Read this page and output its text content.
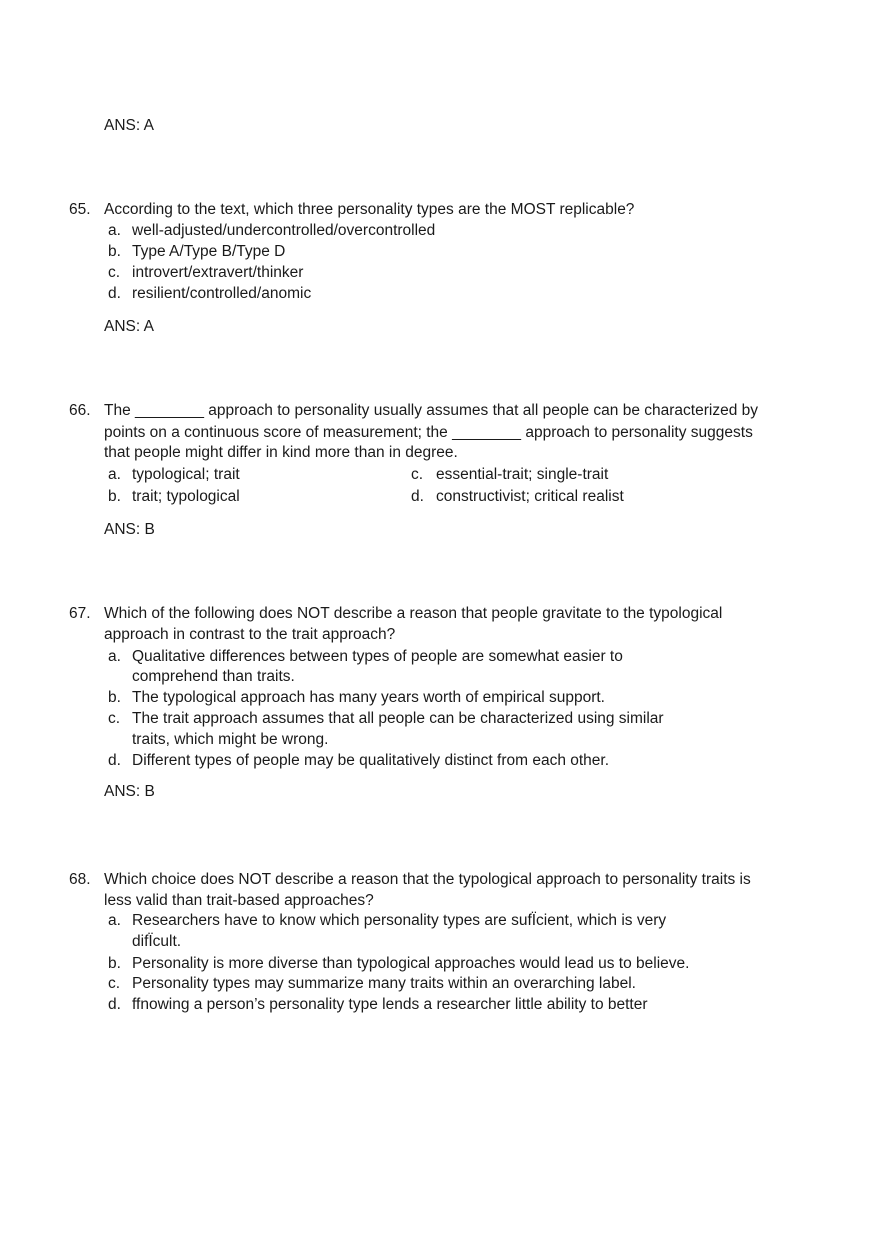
ANS: A
65. According to the text, which three personality types are the MOST replicable?
a. well-adjusted/undercontrolled/overcontrolled
b. Type A/Type B/Type D
c. introvert/extravert/thinker
d. resilient/controlled/anomic
ANS: A
66. The ________ approach to personality usually assumes that all people can be characterized by
points on a continuous score of measurement; the ________ approach to personality suggests
that people might differ in kind more than in degree.
a. typological; trait	c. essential-trait; single-trait
b. trait; typological	d. constructivist; critical realist
ANS: B
67. Which of the following does NOT describe a reason that people gravitate to the typological
approach in contrast to the trait approach?
a. Qualitative differences between types of people are somewhat easier to
comprehend than traits.
b. The typological approach has many years worth of empirical support.
c. The trait approach assumes that all people can be characterized using similar
traits, which might be wrong.
d. Different types of people may be qualitatively distinct from each other.
ANS: B
68. Which choice does NOT describe a reason that the typological approach to personality traits is
less valid than trait-based approaches?
a. Researchers have to know which personality types are sufÏcient, which is very
difÏcult.
b. Personality is more diverse than typological approaches would lead us to believe.
c. Personality types may summarize many traits within an overarching label.
d. ffnowing a person’s personality type lends a researcher little ability to better
